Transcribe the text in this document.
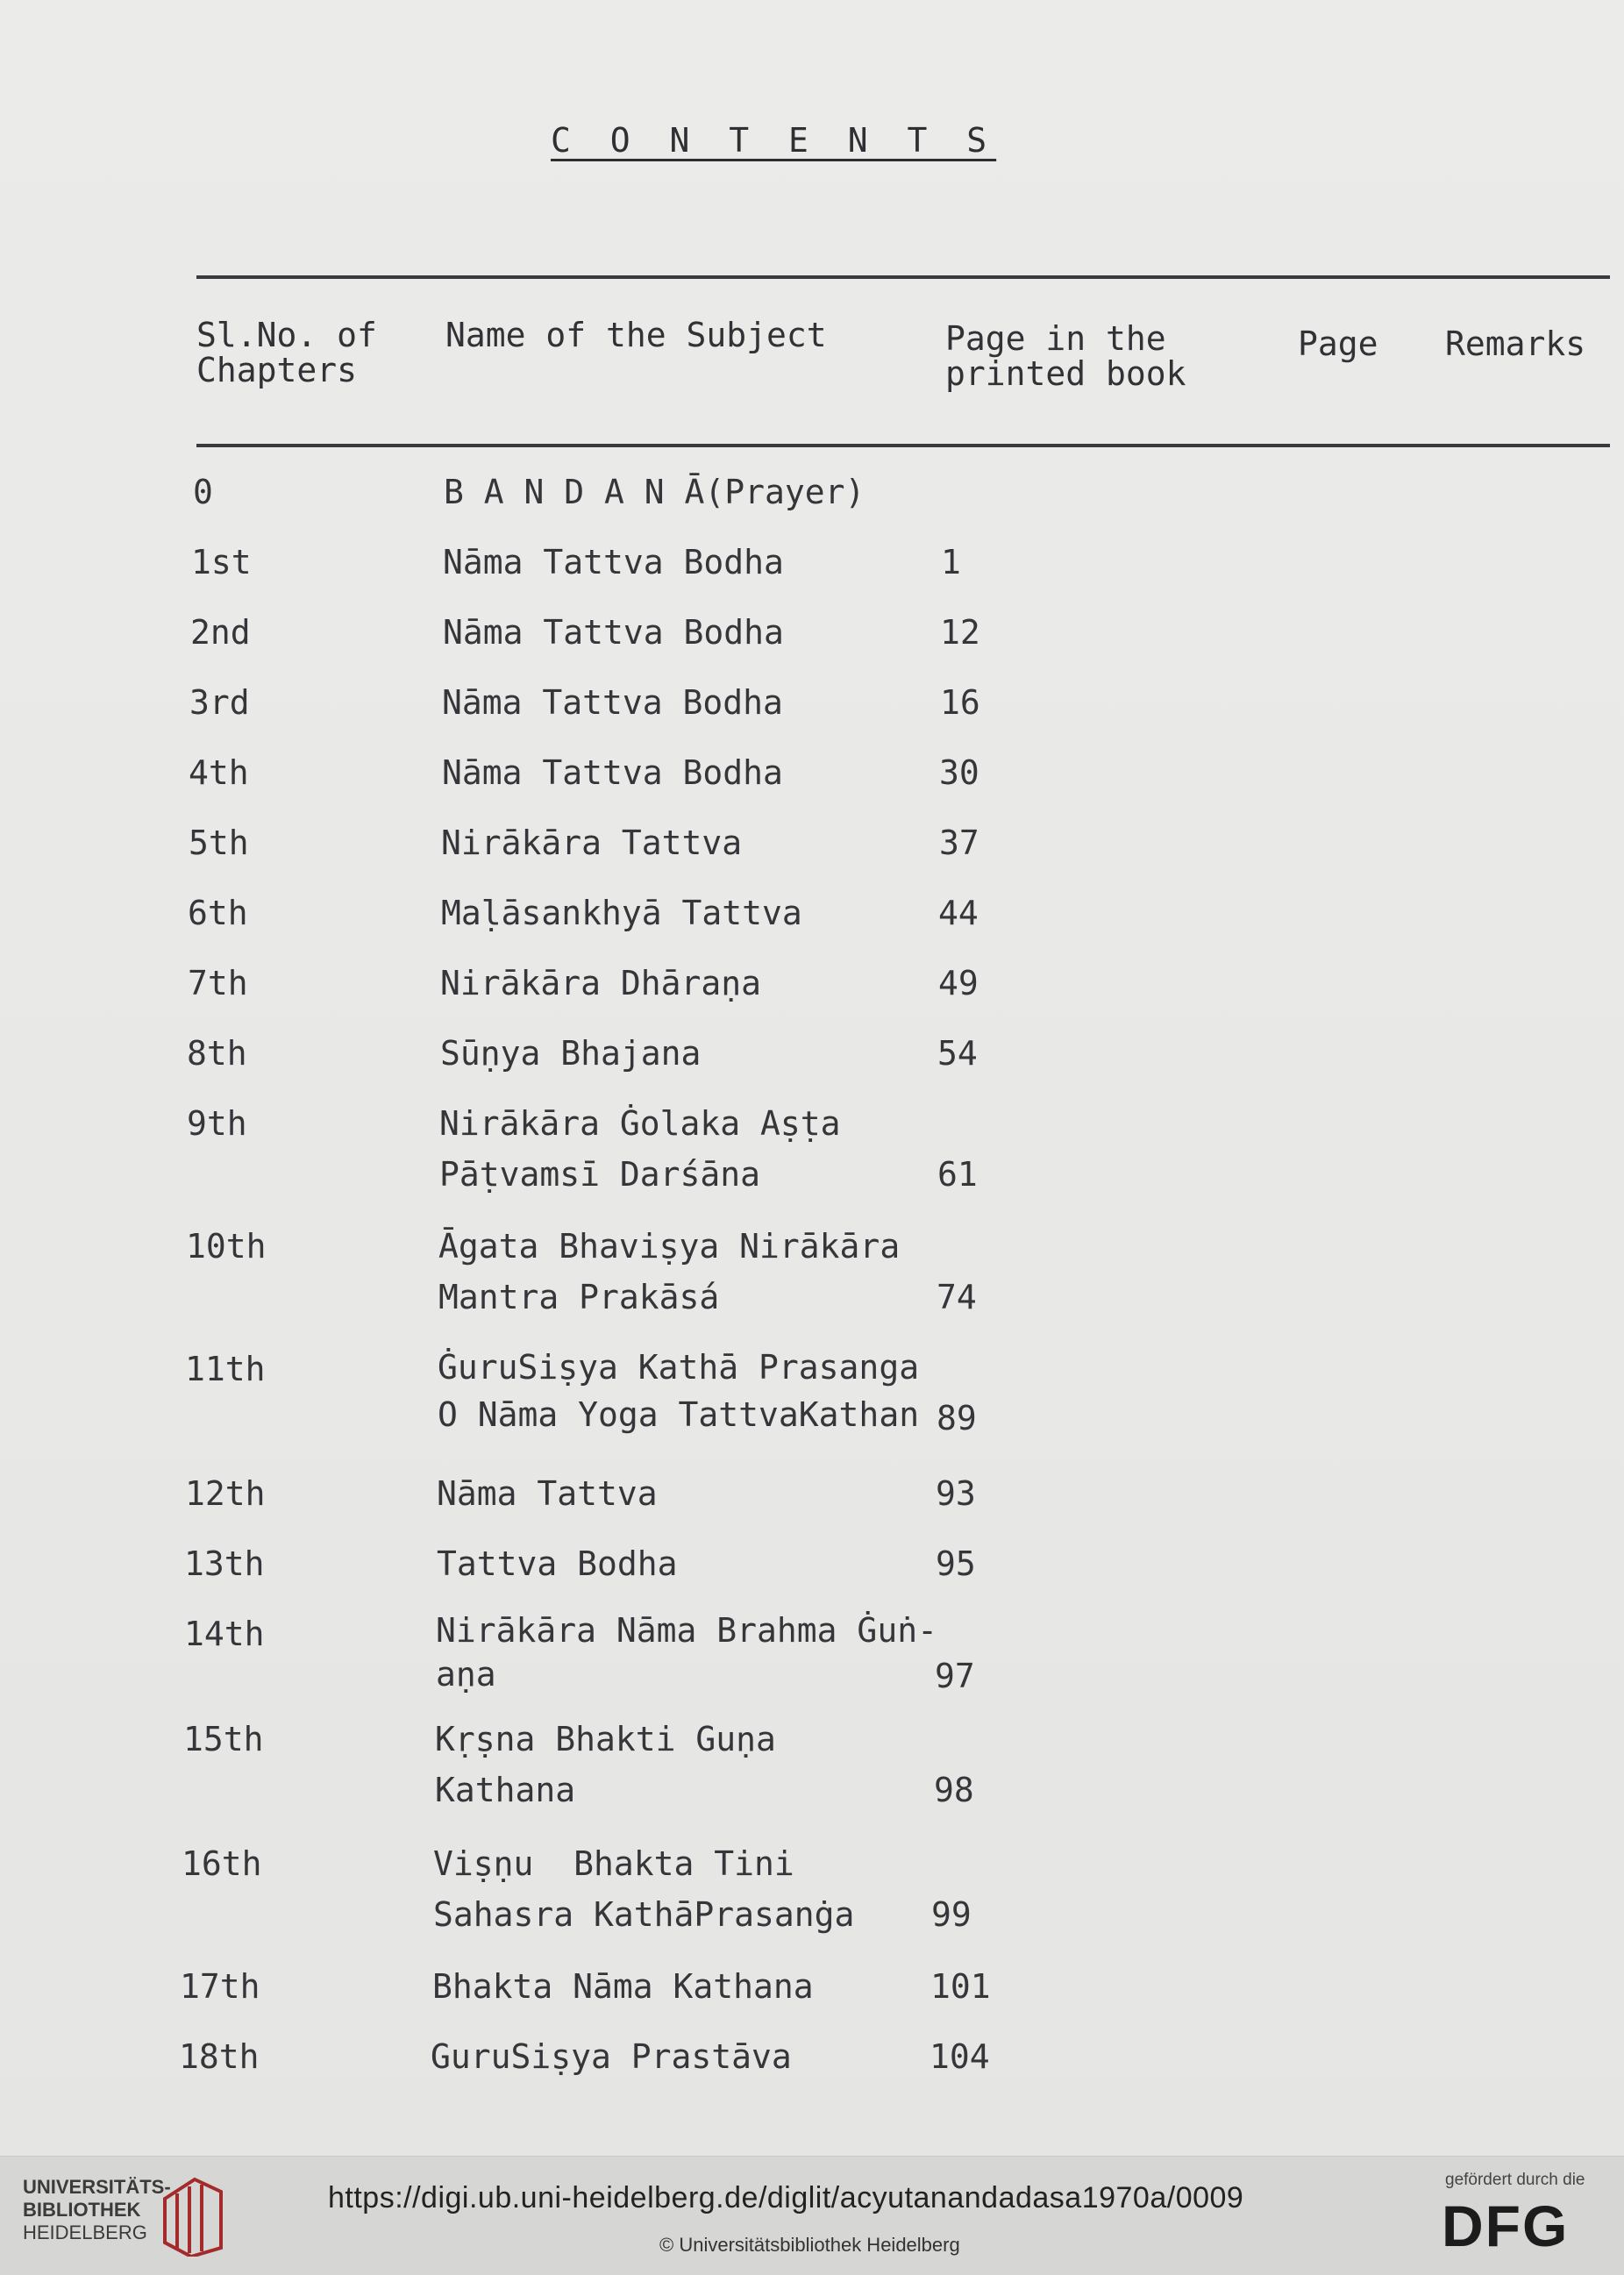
C O N T E N T S
Sl.No. of
Chapters
Name of the Subject	Page in the
printed book
Page Remarks
0	B A N D A N Ā(Prayer)
1st	Nāma Tattva Bodha	1
2nd	Nāma Tattva Bodha	12
3rd	Nāma Tattva Bodha	16
4th	Nāma Tattva Bodha	30
5th	Nirākāra Tattva	37
6th	Maḷāsankhyā Tattva	44
7th	Nirākāra Dhāraṇa	49
8th	Sūṇya Bhajana	54
9th	Nirākāra Ġolaka Aṣṭa
Pāṭvamsī Darśāna	61
10th	Āgata Bhaviṣya Nirākāra
Mantra Prakāsá	74
11th	ĠuruSiṣya Kathā Prasanga
O Nāma Yoga TattvaKathan 89
12th	Nāma Tattva	93
13th	Tattva Bodha	95
14th	Nirākāra Nāma Brahma Ġuṅ-
aṇa	97
15th	Kṛṣna Bhakti Guṇa
Kathana	98
16th	Viṣṇu  Bhakta Tini
Sahasra KathāPrasanġa 99
17th	Bhakta Nāma Kathana	101
18th	GuruSiṣya Prastāva	104
UNIVERSITÄTS-
BIBLIOTHEK
HEIDELBERG
https://digi.ub.uni-heidelberg.de/diglit/acyutanandadasa1970a/0009
© Universitätsbibliothek Heidelberg
gefördert durch die
DFG
